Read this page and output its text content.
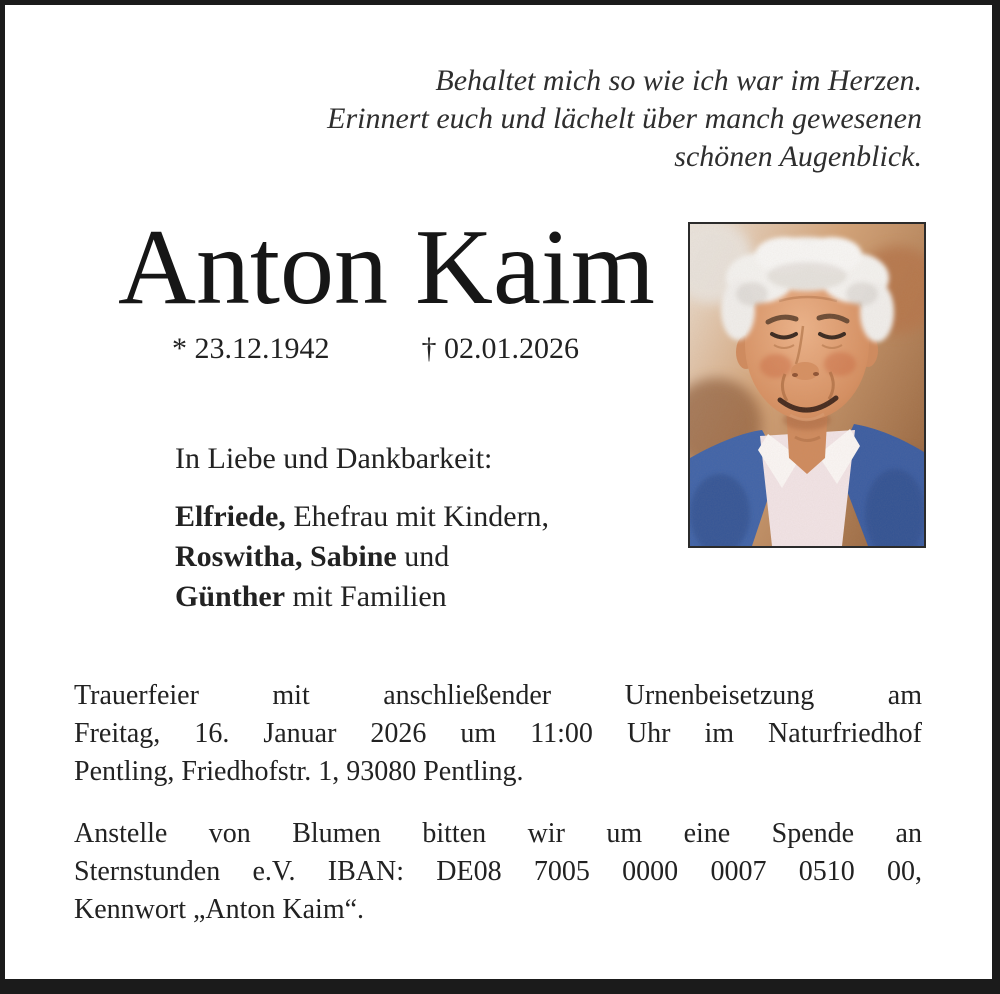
Behaltet mich so wie ich war im Herzen.
Erinnert euch und lächelt über manch gewesenen
schönen Augenblick.
Anton Kaim
* 23.12.1942	† 02.01.2026
In Liebe und Dankbarkeit:
Elfriede, Ehefrau mit Kindern,
Roswitha, Sabine und
Günther mit Familien
Trauerfeier mit anschließender Urnenbeisetzung am
Freitag, 16. Januar 2026 um 11:00 Uhr im Naturfriedhof
Pentling, Friedhofstr. 1, 93080 Pentling.
Anstelle von Blumen bitten wir um eine Spende an
Sternstunden e.V. IBAN: DE08 7005 0000 0007 0510 00,
Kennwort „Anton Kaim“.
